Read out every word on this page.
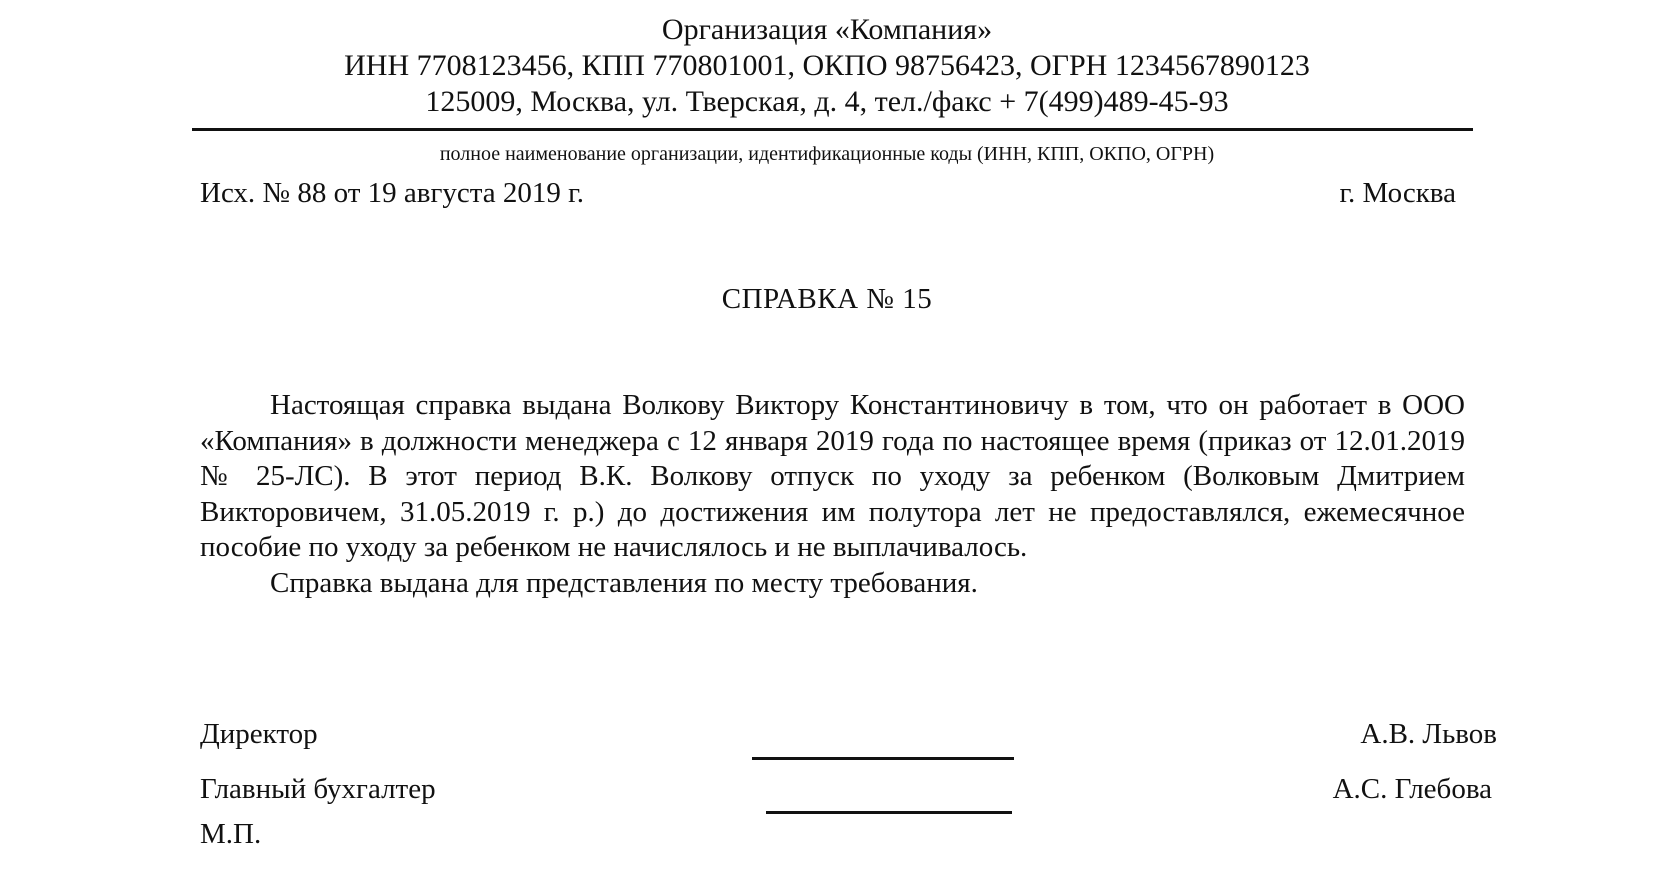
Организация «Компания»
ИНН 7708123456, КПП 770801001, ОКПО 98756423, ОГРН 1234567890123
125009, Москва, ул. Тверская, д. 4, тел./факс + 7(499)489-45-93
полное наименование организации, идентификационные коды (ИНН, КПП, ОКПО, ОГРН)
Исх. № 88 от 19 августа 2019 г.	г. Москва
СПРАВКА № 15

Настоящая справка выдана Волкову Виктору Константиновичу в том, что он работает в ООО «Компания» в должности менеджера с 12 января 2019 года по настоящее время (приказ от 12.01.2019 № 25-ЛС). В этот период В.К. Волкову отпуск по уходу за ребенком (Волковым Дмитрием Викторовичем, 31.05.2019 г. р.) до достижения им полутора лет не предоставлялся, ежемесячное пособие по уходу за ребенком не начислялось и не выплачивалось.

Справка выдана для представления по месту требования.

Директор	А.В. Львов
Главный бухгалтер	А.С. Глебова
М.П.
